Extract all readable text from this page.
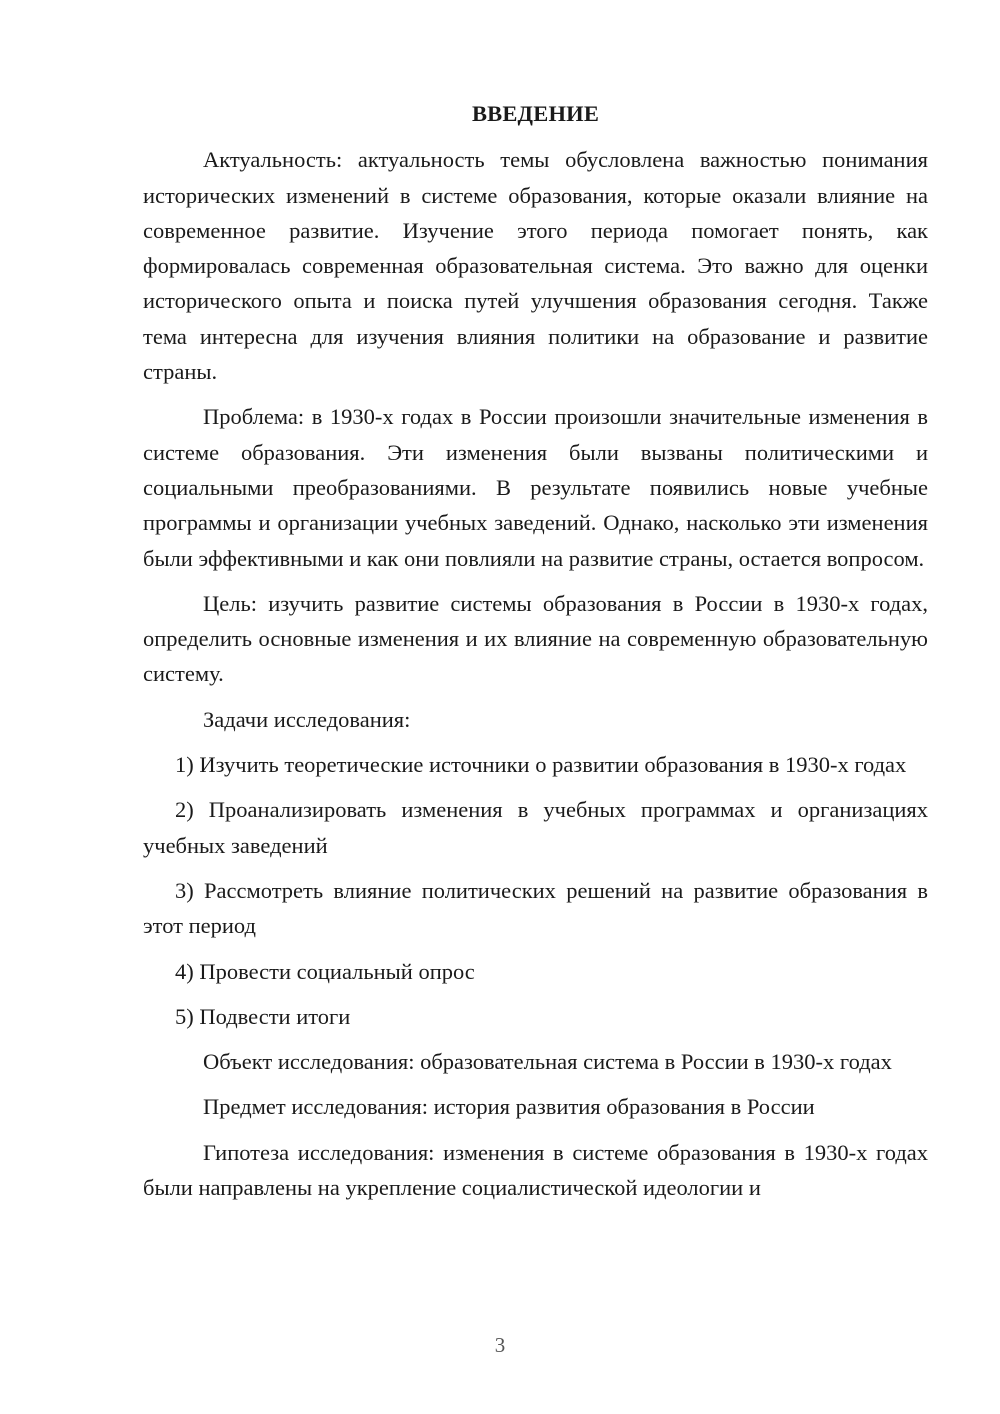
ВВЕДЕНИЕ

Актуальность: актуальность темы обусловлена важностью понимания исторических изменений в системе образования, которые оказали влияние на современное развитие. Изучение этого периода помогает понять, как формировалась современная образовательная система. Это важно для оценки исторического опыта и поиска путей улучшения образования сегодня. Также тема интересна для изучения влияния политики на образование и развитие страны.

Проблема: в 1930-х годах в России произошли значительные изменения в системе образования. Эти изменения были вызваны политическими и социальными преобразованиями. В результате появились новые учебные программы и организации учебных заведений. Однако, насколько эти изменения были эффективными и как они повлияли на развитие страны, остается вопросом.

Цель: изучить развитие системы образования в России в 1930-х годах, определить основные изменения и их влияние на современную образовательную систему.

Задачи исследования:

1) Изучить теоретические источники о развитии образования в 1930-х годах

2) Проанализировать изменения в учебных программах и организациях учебных заведений

3) Рассмотреть влияние политических решений на развитие образования в этот период

4) Провести социальный опрос

5) Подвести итоги

Объект исследования: образовательная система в России в 1930-х годах

Предмет исследования: история развития образования в России

Гипотеза исследования: изменения в системе образования в 1930-х годах были направлены на укрепление социалистической идеологии и

3
